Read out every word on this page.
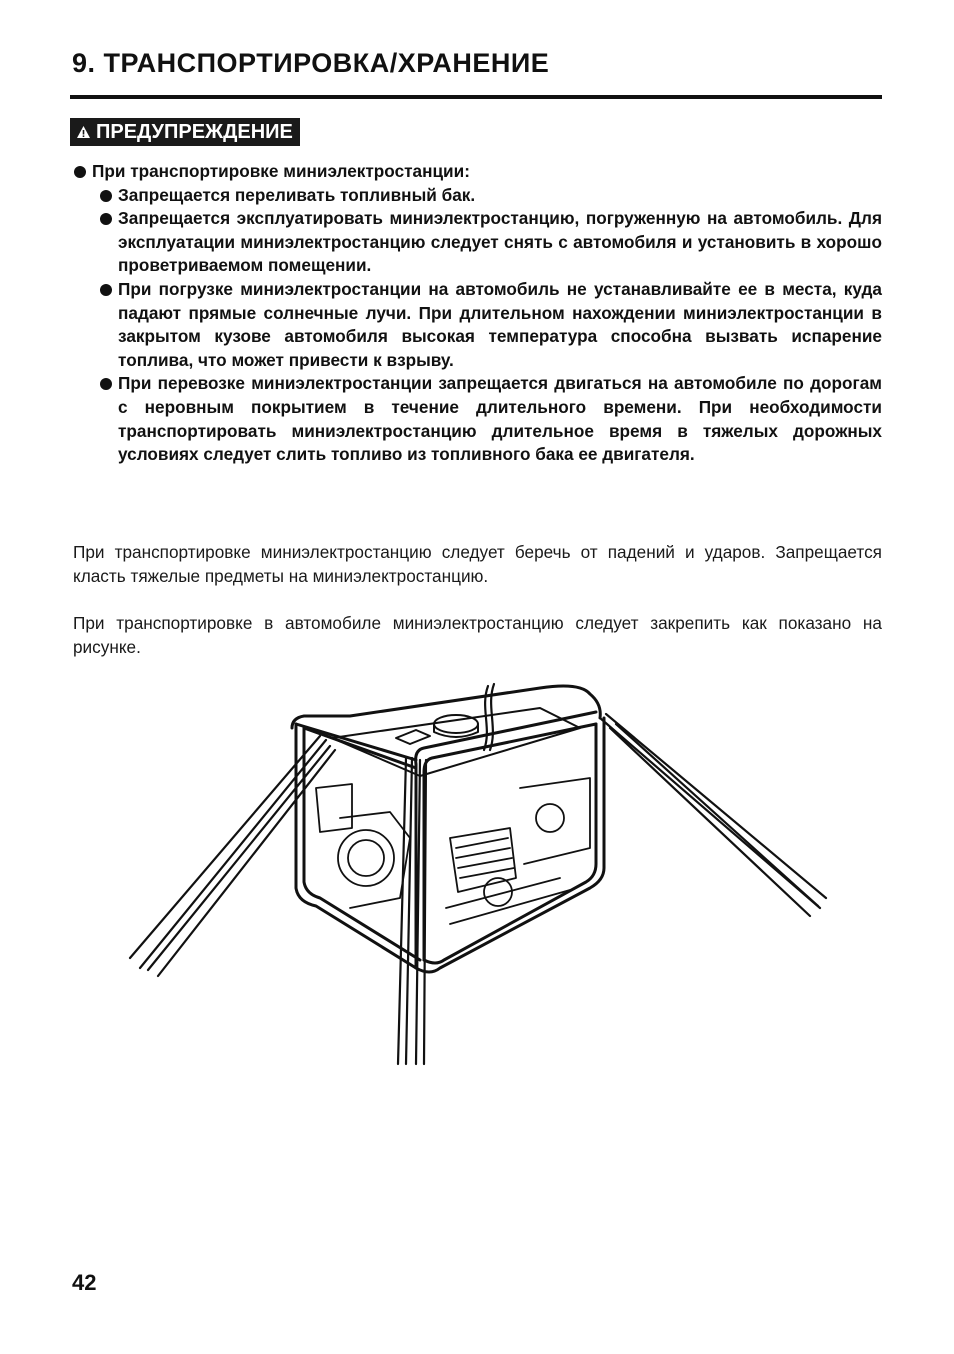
9. ТРАНСПОРТИРОВКА/ХРАНЕНИЕ
ПРЕДУПРЕЖДЕНИЕ
При транспортировке миниэлектростанции:
Запрещается переливать топливный бак.
Запрещается эксплуатировать миниэлектростанцию, погруженную на автомобиль. Для эксплуатации миниэлектростанцию следует снять с автомобиля и установить в хорошо проветриваемом помещении.
При погрузке миниэлектростанции на автомобиль не устанавливайте ее в места, куда падают прямые солнечные лучи. При длительном нахождении миниэлектростанции в закрытом кузове автомобиля высокая температура способна вызвать испарение топлива, что может привести к взрыву.
При перевозке миниэлектростанции запрещается двигаться на автомобиле по дорогам с неровным покрытием в течение длительного времени. При необходимости транспортировать миниэлектростанцию длительное время в тяжелых дорожных условиях следует слить топливо из топливного бака ее двигателя.
При транспортировке миниэлектростанцию следует беречь от падений и ударов. Запрещается класть тяжелые предметы на миниэлектростанцию.
При транспортировке в автомобиле миниэлектростанцию следует закрепить как показано на рисунке.
42
